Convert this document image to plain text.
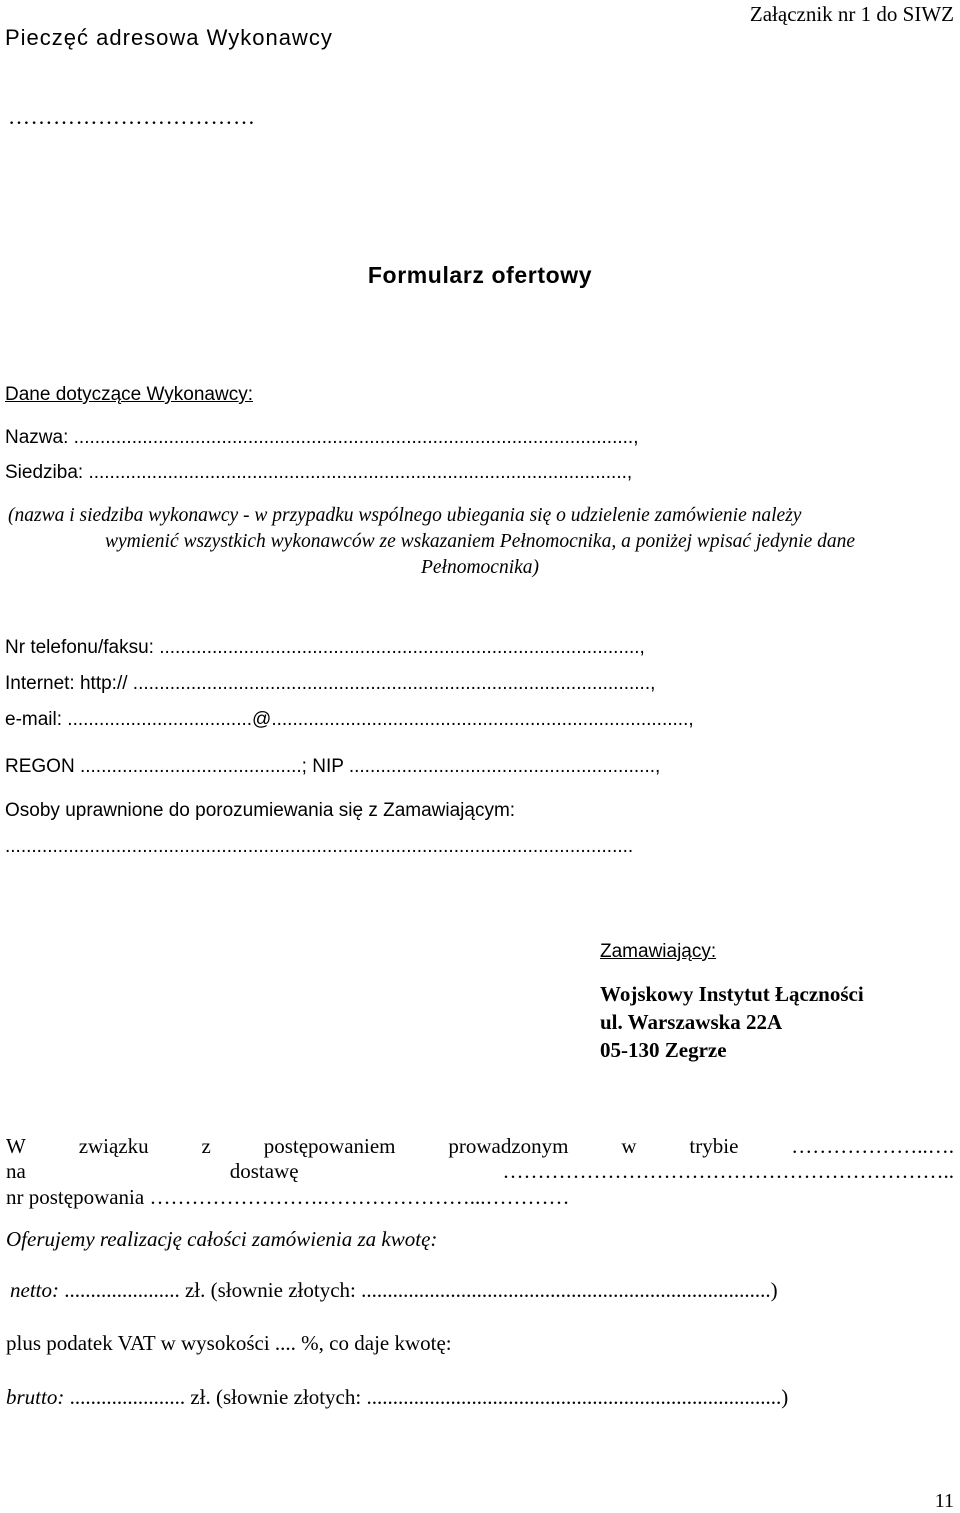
Pieczęć adresowa Wykonawcy
Załącznik nr 1 do SIWZ
……………………………
Formularz ofertowy
Dane dotyczące Wykonawcy:
Nazwa: ..........................................................................................................,
Siedziba: ......................................................................................................,
(nazwa i siedziba wykonawcy - w przypadku wspólnego ubiegania się o udzielenie zamówienie należy
wymienić wszystkich wykonawców ze wskazaniem Pełnomocnika, a poniżej wpisać jedynie dane
Pełnomocnika)
Nr telefonu/faksu: ...........................................................................................,
Internet: http:// ..................................................................................................,
e-mail: ...................................@...............................................................................,
REGON ..........................................; NIP ..........................................................,
Osoby uprawnione do porozumiewania się z Zamawiającym:
.......................................................................................................................
Zamawiający:
Wojskowy Instytut Łączności
ul. Warszawska 22A
05-130 Zegrze
W	związku	z	postępowaniem	prowadzonym	w	trybie	………………..….
na	dostawę	………………………………………………………..
nr postępowania …………………….…………………...…………
Oferujemy realizację całości zamówienia za kwotę:
netto: ...................... zł. (słownie złotych: ..............................................................................)
plus podatek VAT w wysokości .... %, co daje kwotę:
brutto: ...................... zł. (słownie złotych: ...............................................................................)
11
